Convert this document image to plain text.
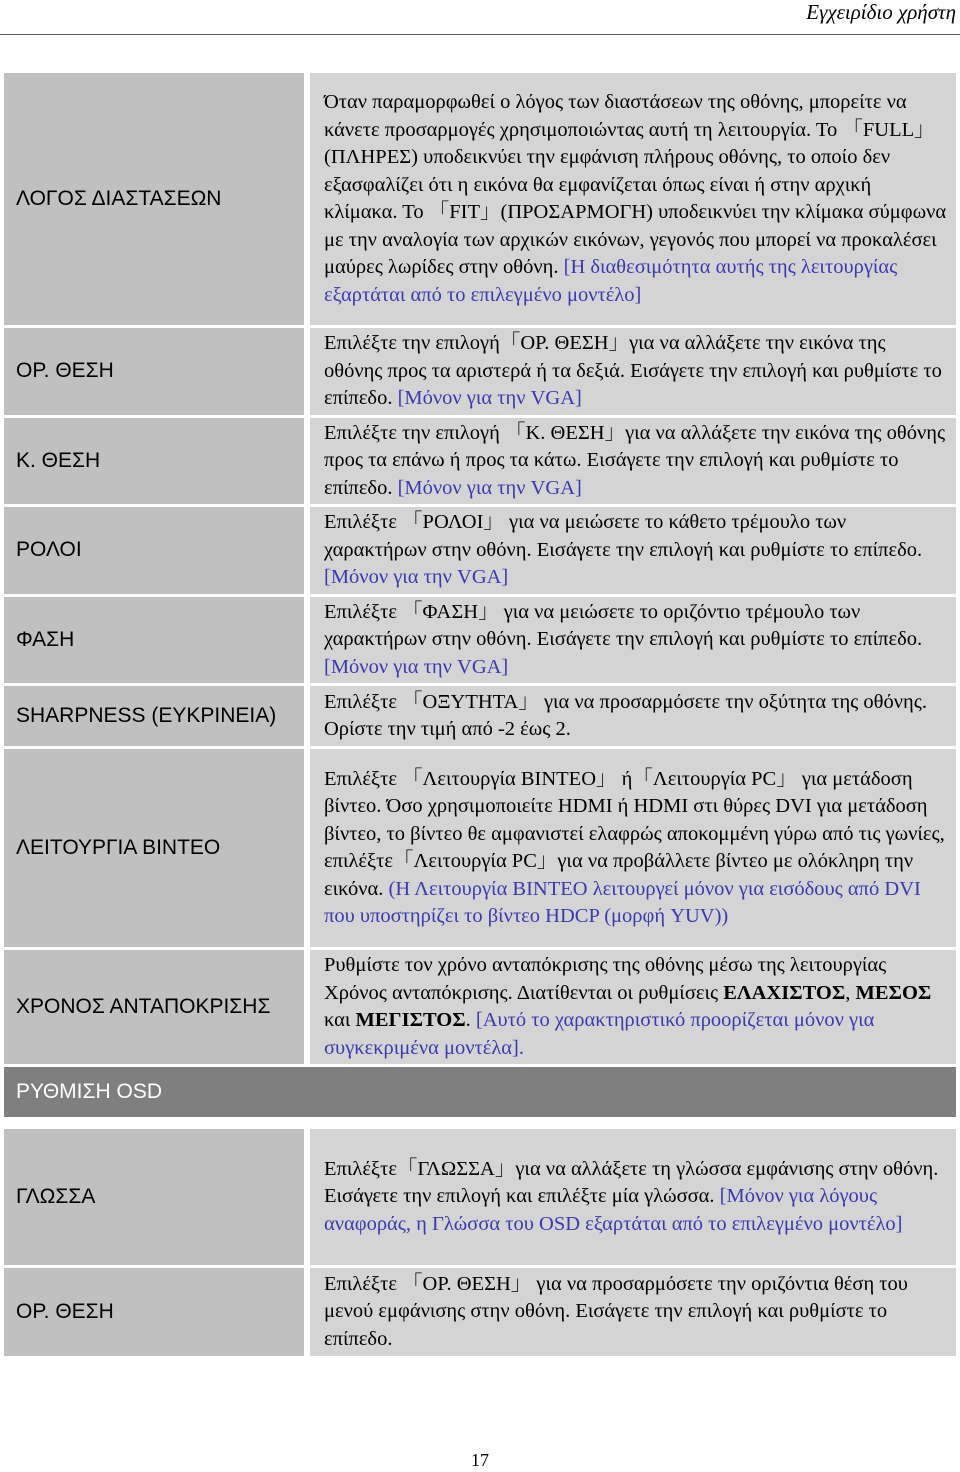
Εγχειρίδιο χρήστη
ΛΟΓΟΣ ΔΙΑΣΤΑΣΕΩΝ	Όταν παραμορφωθεί ο λόγος των διαστάσεων της οθόνης, μπορείτε να κάνετε προσαρμογές χρησιμοποιώντας αυτή τη λειτουργία. Το 「FULL」(ΠΛΗΡΕΣ) υποδεικνύει την εμφάνιση πλήρους οθόνης, το οποίο δεν εξασφαλίζει ότι η εικόνα θα εμφανίζεται όπως είναι ή στην αρχική κλίμακα. Το 「FIT」(ΠΡΟΣΑΡΜΟΓΗ) υποδεικνύει την κλίμακα σύμφωνα με την αναλογία των αρχικών εικόνων, γεγονός που μπορεί να προκαλέσει μαύρες λωρίδες στην οθόνη. [Η διαθεσιμότητα αυτής της λειτουργίας εξαρτάται από το επιλεγμένο μοντέλο]
ΟΡ. ΘΕΣΗ	Επιλέξτε την επιλογή「ΟΡ. ΘΕΣΗ」για να αλλάξετε την εικόνα της οθόνης προς τα αριστερά ή τα δεξιά. Εισάγετε την επιλογή και ρυθμίστε το επίπεδο. [Μόνον για την VGA]
Κ. ΘΕΣΗ	Επιλέξτε την επιλογή 「Κ. ΘΕΣΗ」για να αλλάξετε την εικόνα της οθόνης προς τα επάνω ή προς τα κάτω. Εισάγετε την επιλογή και ρυθμίστε το επίπεδο. [Μόνον για την VGA]
ΡΟΛΟΙ	Επιλέξτε 「ΡΟΛΟΙ」 για να μειώσετε το κάθετο τρέμουλο των χαρακτήρων στην οθόνη. Εισάγετε την επιλογή και ρυθμίστε το επίπεδο. [Μόνον για την VGA]
ΦΑΣΗ	Επιλέξτε 「ΦΑΣΗ」 για να μειώσετε το οριζόντιο τρέμουλο των χαρακτήρων στην οθόνη. Εισάγετε την επιλογή και ρυθμίστε το επίπεδο. [Μόνον για την VGA]
SHARPNESS (ΕΥΚΡΙΝΕΙΑ)	Επιλέξτε 「ΟΞΥΤΗΤΑ」 για να προσαρμόσετε την οξύτητα της οθόνης. Ορίστε την τιμή από -2 έως 2.
ΛΕΙΤΟΥΡΓΙΑ ΒΙΝΤΕΟ	Επιλέξτε 「Λειτουργία ΒΙΝΤΕΟ」 ή「Λειτουργία PC」 για μετάδοση βίντεο. Όσο χρησιμοποιείτε HDMI ή HDMI στι θύρες DVI για μετάδοση βίντεο, το βίντεο θε αμφανιστεί ελαφρώς αποκομμένη γύρω από τις γωνίες, επιλέξτε「Λειτουργία PC」για να προβάλλετε βίντεο με ολόκληρη την εικόνα. (Η Λειτουργία ΒΙΝΤΕΟ λειτουργεί μόνον για εισόδους από DVI που υποστηρίζει το βίντεο HDCP (μορφή YUV))
ΧΡΟΝΟΣ ΑΝΤΑΠΟΚΡΙΣΗΣ	Ρυθμίστε τον χρόνο ανταπόκρισης της οθόνης μέσω της λειτουργίας Χρόνος ανταπόκρισης. Διατίθενται οι ρυθμίσεις ΕΛΑΧΙΣΤΟΣ, ΜΕΣΟΣ και ΜΕΓΙΣΤΟΣ. [Αυτό το χαρακτηριστικό προορίζεται μόνον για συγκεκριμένα μοντέλα].
ΡΥΘΜΙΣΗ OSD	

ΓΛΩΣΣΑ	Επιλέξτε「ΓΛΩΣΣΑ」για να αλλάξετε τη γλώσσα εμφάνισης στην οθόνη. Εισάγετε την επιλογή και επιλέξτε μία γλώσσα. [Μόνον για λόγους αναφοράς, η Γλώσσα του OSD εξαρτάται από το επιλεγμένο μοντέλο]
ΟΡ. ΘΕΣΗ	Επιλέξτε 「ΟΡ. ΘΕΣΗ」 για να προσαρμόσετε την οριζόντια θέση του μενού εμφάνισης στην οθόνη. Εισάγετε την επιλογή και ρυθμίστε το επίπεδο.
17
